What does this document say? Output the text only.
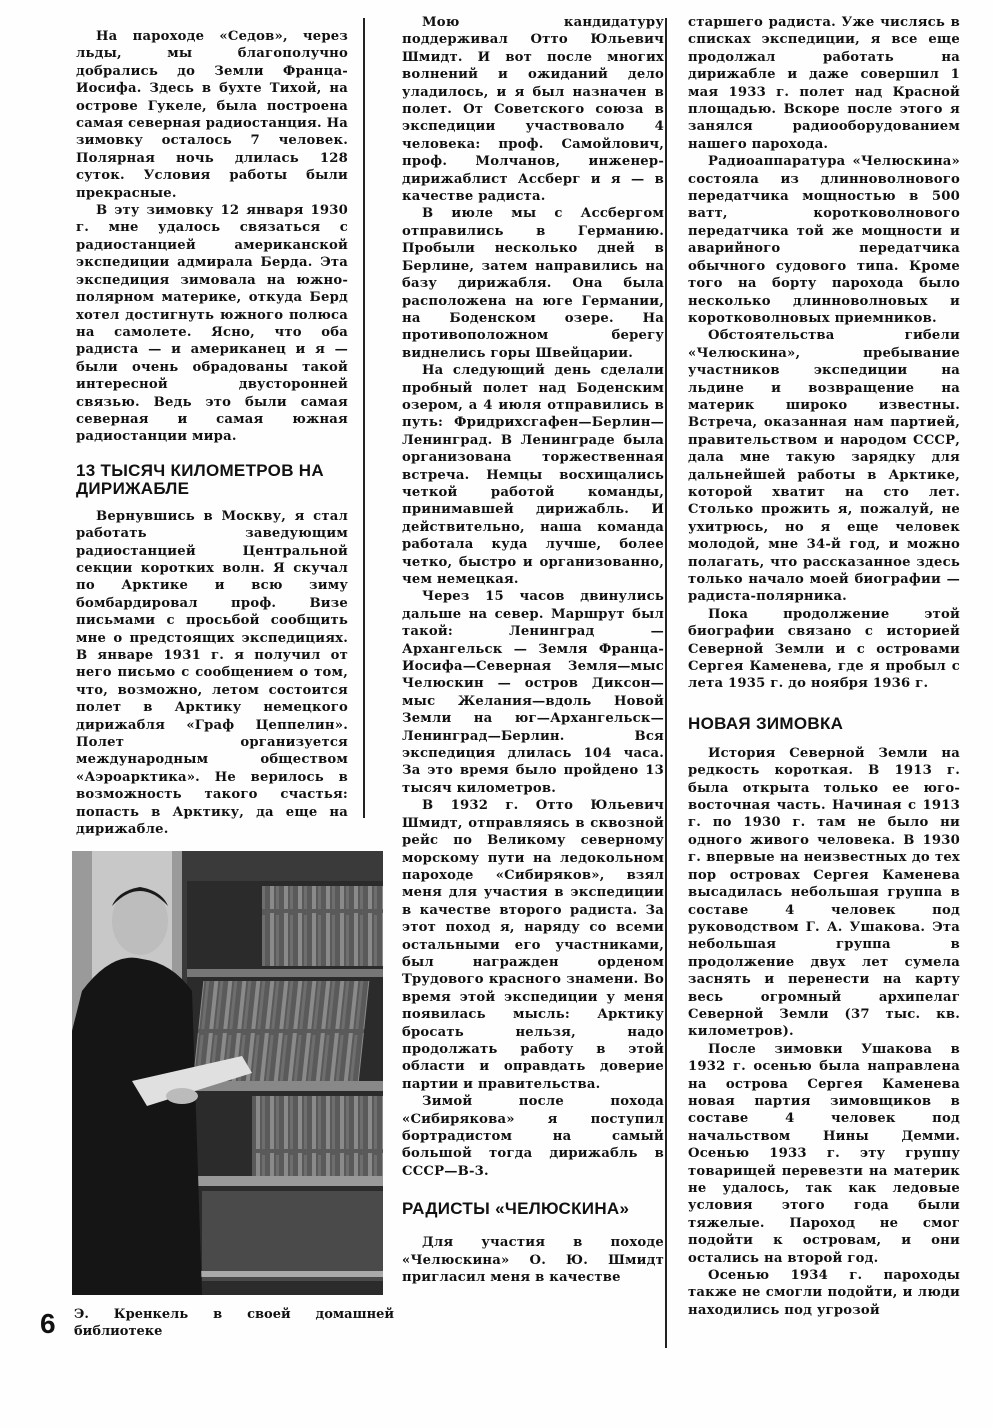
На пароходе «Седов», через льды, мы благополучно добрались до Земли Франца-Иосифа. Здесь в бухте Тихой, на острове Гукеле, была построена самая северная радиостанция. На зимовку осталось 7 человек. Полярная ночь длилась 128 суток. Условия работы были прекрасные.

В эту зимовку 12 января 1930 г. мне удалось связаться с радиостанцией американской экспедиции адмирала Берда. Эта экспедиция зимовала на южно-полярном материке, откуда Берд хотел достигнуть южного полюса на самолете. Ясно, что оба радиста — и американец и я — были очень обрадованы такой интересной двусторонней связью. Ведь это были самая северная и самая южная радиостанции мира.

13 ТЫСЯЧ КИЛОМЕТРОВ НА ДИРИЖАБЛЕ

Вернувшись в Москву, я стал работать заведующим радиостанцией Центральной секции коротких волн. Я скучал по Арктике и всю зиму бомбардировал проф. Визе письмами с просьбой сообщить мне о предстоящих экспедициях. В январе 1931 г. я получил от него письмо с сообщением о том, что, возможно, летом состоится полет в Арктику немецкого дирижабля «Граф Цеппелин». Полет организуется международным обществом «Аэроарктика». Не верилось в возможность такого счастья: попасть в Арктику, да еще на дирижабле.

6 Э. Кренкель в своей домашней библиотеке

Мою кандидатуру поддерживал Отто Юльевич Шмидт. И вот после многих волнений и ожиданий дело уладилось, и я был назначен в полет. От Советского союза в экспедиции участвовало 4 человека: проф. Самойлович, проф. Молчанов, инженер-дирижаблист Ассберг и я — в качестве радиста.

В июле мы с Ассбергом отправились в Германию. Пробыли несколько дней в Берлине, затем направились на базу дирижабля. Она была расположена на юге Германии, на Боденском озере. На противоположном берегу виднелись горы Швейцарии.

На следующий день сделали пробный полет над Боденским озером, а 4 июля отправились в путь: Фридрихсгафен—Берлин—Ленинград. В Ленинграде была организована торжественная встреча. Немцы восхищались четкой работой команды, принимавшей дирижабль. И действительно, наша команда работала куда лучше, более четко, быстро и организованно, чем немецкая.

Через 15 часов двинулись дальше на север. Маршрут был такой: Ленинград — Архангельск — Земля Франца-Иосифа—Северная Земля—мыс Челюскин — остров Диксон—мыс Желания—вдоль Новой Земли на юг—Архангельск—Ленинград—Берлин. Вся экспедиция длилась 104 часа. За это время было пройдено 13 тысяч километров.

В 1932 г. Отто Юльевич Шмидт, отправляясь в сквозной рейс по Великому северному морскому пути на ледокольном пароходе «Сибиряков», взял меня для участия в экспедиции в качестве второго радиста. За этот поход я, наряду со всеми остальными его участниками, был награжден орденом Трудового красного знамени. Во время этой экспедиции у меня появилась мысль: Арктику бросать нельзя, надо продолжать работу в этой области и оправдать доверие партии и правительства.

Зимой после похода «Сибирякова» я поступил бортрадистом на самый большой тогда дирижабль в СССР—В-3.

РАДИСТЫ «ЧЕЛЮСКИНА»

Для участия в походе «Челюскина» О. Ю. Шмидт пригласил меня в качестве

старшего радиста. Уже числясь в списках экспедиции, я все еще продолжал работать на дирижабле и даже совершил 1 мая 1933 г. полет над Красной площадью. Вскоре после этого я занялся радиооборудованием нашего парохода.

Радиоаппаратура «Челюскина» состояла из длинноволнового передатчика мощностью в 500 ватт, коротковолнового передатчика той же мощности и аварийного передатчика обычного судового типа. Кроме того на борту парохода было несколько длинноволновых и коротковолновых приемников.

Обстоятельства гибели «Челюскина», пребывание участников экспедиции на льдине и возвращение на материк широко известны. Встреча, оказанная нам партией, правительством и народом СССР, дала мне такую зарядку для дальнейшей работы в Арктике, которой хватит на сто лет. Столько прожить я, пожалуй, не ухитрюсь, но я еще человек молодой, мне 34-й год, и можно полагать, что рассказанное здесь только начало моей биографии — радиста-полярника.

Пока продолжение этой биографии связано с историей Северной Земли и с островами Сергея Каменева, где я пробыл с лета 1935 г. до ноября 1936 г.

НОВАЯ ЗИМОВКА

История Северной Земли на редкость короткая. В 1913 г. была открыта только ее юго-восточная часть. Начиная с 1913 г. по 1930 г. там не было ни одного живого человека. В 1930 г. впервые на неизвестных до тех пор островах Сергея Каменева высадилась небольшая группа в составе 4 человек под руководством Г. А. Ушакова. Эта небольшая группа в продолжение двух лет сумела заснять и перенести на карту весь огромный архипелаг Северной Земли (37 тыс. кв. километров).

После зимовки Ушакова в 1932 г. осенью была направлена на острова Сергея Каменева новая партия зимовщиков в составе 4 человек под начальством Нины Демми. Осенью 1933 г. эту группу товарищей перевезти на материк не удалось, так как ледовые условия этого года были тяжелые. Пароход не смог подойти к островам, и они остались на второй год.

Осенью 1934 г. пароходы также не смогли подойти, и люди находились под угрозой
